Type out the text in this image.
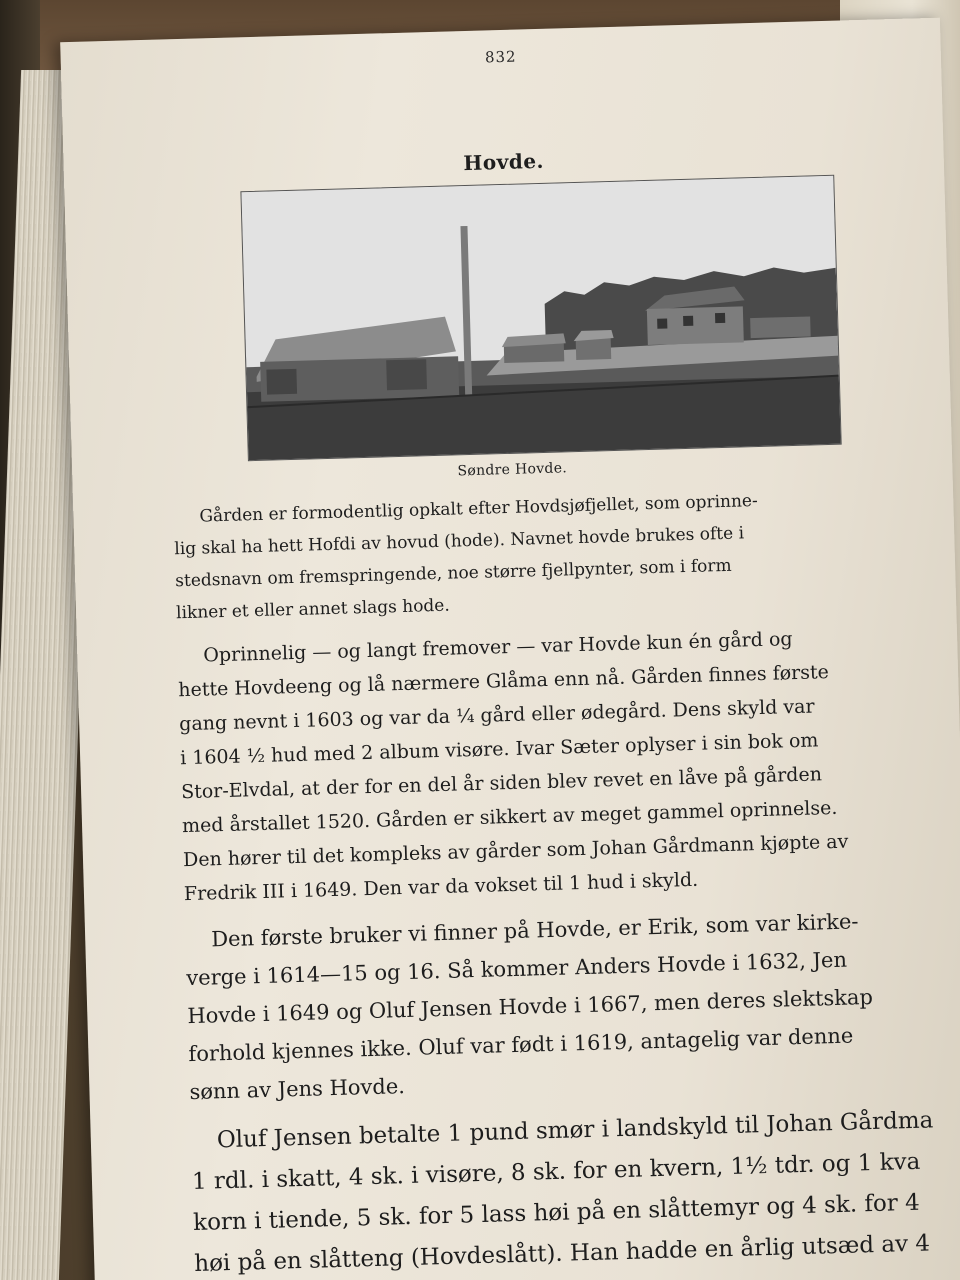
832
Hovde.
Søndre Hovde.
Gården er formodentlig opkalt efter Hovdsjøfjellet, som oprinne-
lig skal ha hett Hofdi av hovud (hode). Navnet hovde brukes ofte i
stedsnavn om fremspringende, noe større fjellpynter, som i form
likner et eller annet slags hode.
Oprinnelig — og langt fremover — var Hovde kun én gård og
hette Hovdeeng og lå nærmere Glåma enn nå. Gården finnes første
gang nevnt i 1603 og var da ¼ gård eller ødegård. Dens skyld var
i 1604 ½ hud med 2 album visøre. Ivar Sæter oplyser i sin bok om
Stor-Elvdal, at der for en del år siden blev revet en låve på gården
med årstallet 1520. Gården er sikkert av meget gammel oprinnelse.
Den hører til det kompleks av gårder som Johan Gårdmann kjøpte av
Fredrik III i 1649. Den var da vokset til 1 hud i skyld.
Den første bruker vi finner på Hovde, er Erik, som var kirke-
verge i 1614—15 og 16. Så kommer Anders Hovde i 1632, Jen
Hovde i 1649 og Oluf Jensen Hovde i 1667, men deres slektskap
forhold kjennes ikke. Oluf var født i 1619, antagelig var denne
sønn av Jens Hovde.
Oluf Jensen betalte 1 pund smør i landskyld til Johan Gårdma
1 rdl. i skatt, 4 sk. i visøre, 8 sk. for en kvern, 1½ tdr. og 1 kva
korn i tiende, 5 sk. for 5 lass høi på en slåttemyr og 4 sk. for 4
høi på en slåtteng (Hovdeslått). Han hadde en årlig utsæd av 4
